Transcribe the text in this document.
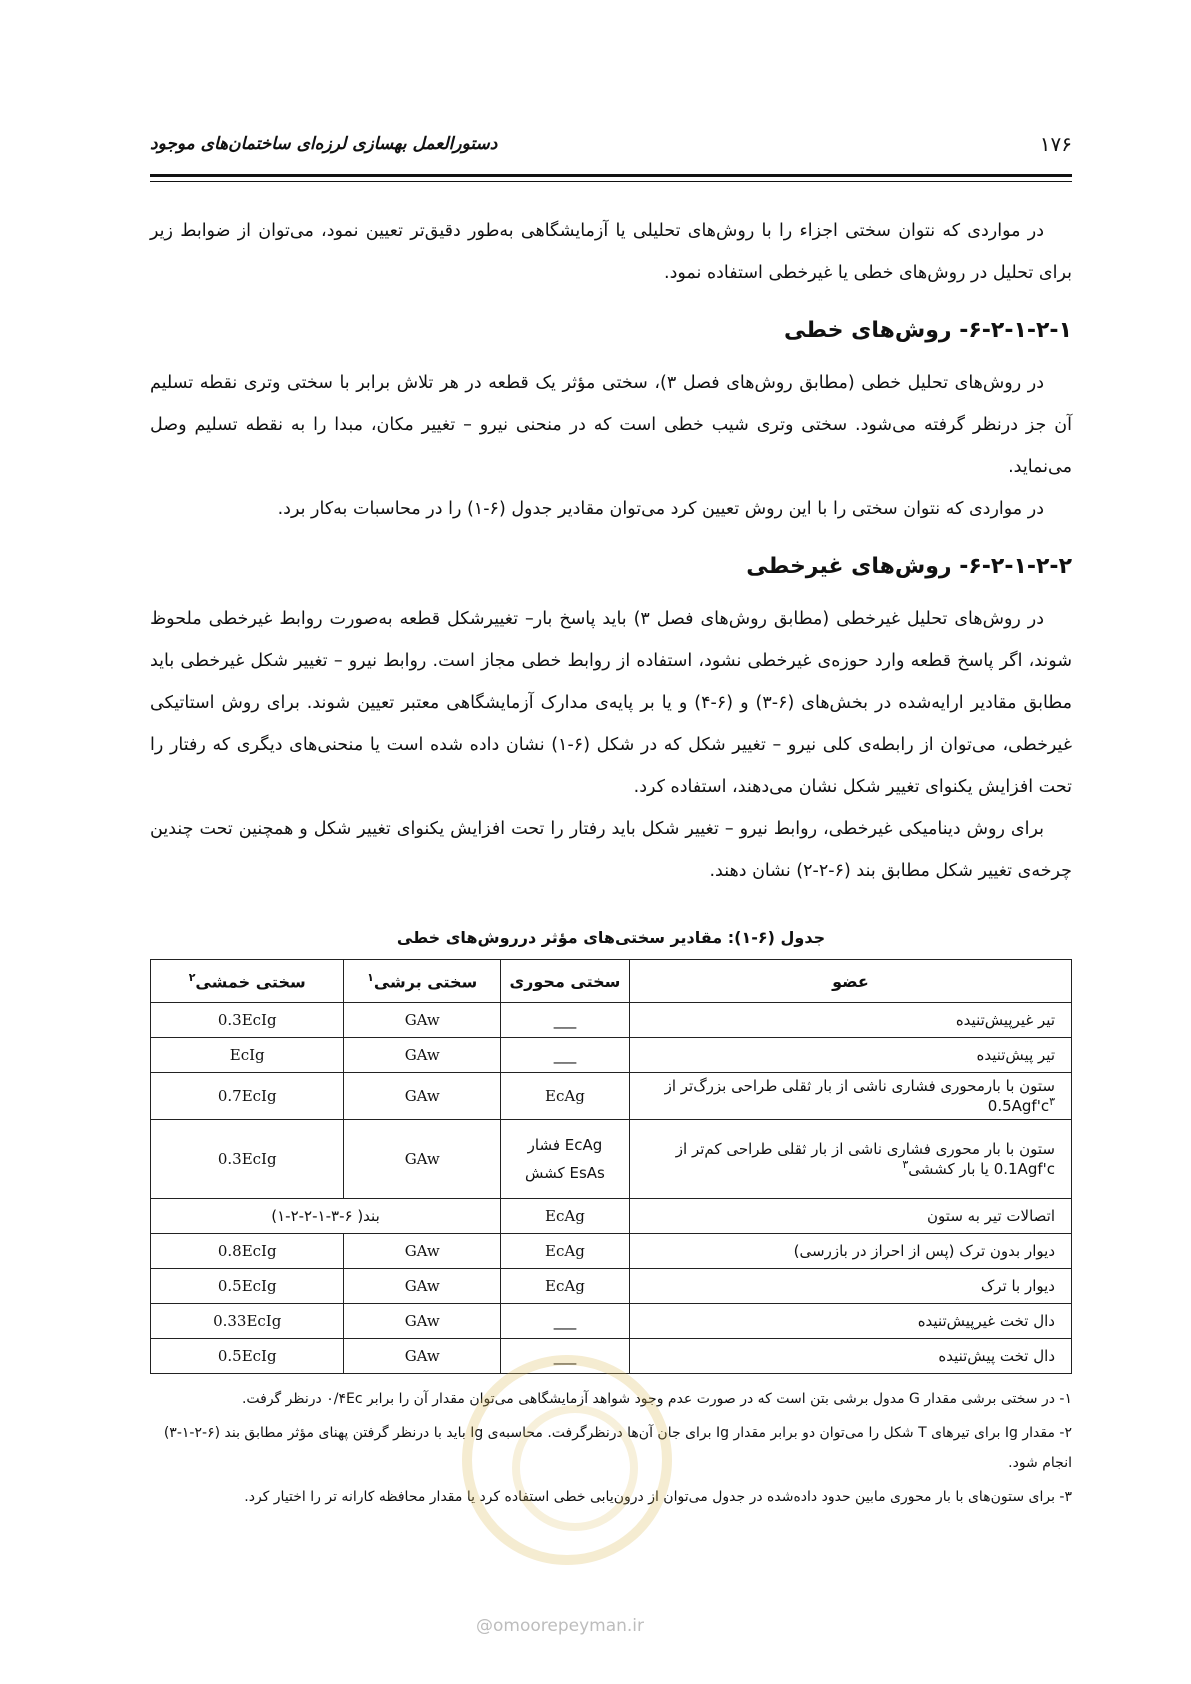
۱۷۶
دستورالعمل بهسازی لرزه‌ای ساختمان‌های موجود

در مواردی که نتوان سختی اجزاء را با روش‌های تحلیلی یا آزمایشگاهی به‌طور دقیق‌تر تعیین نمود، می‌توان از ضوابط زیر برای تحلیل در روش‌های خطی یا غیرخطی استفاده نمود.

۶-۲-۱-۲-۱- روش‌های خطی

در روش‌های تحلیل خطی (مطابق روش‌های فصل ۳)، سختی مؤثر یک قطعه در هر تلاش برابر با سختی وتری نقطه تسلیم آن جز درنظر گرفته می‌شود. سختی وتری شیب خطی است که در منحنی نیرو – تغییر مکان، مبدا را به نقطه تسلیم وصل می‌نماید.

در مواردی که نتوان سختی را با این روش تعیین کرد می‌توان مقادیر جدول (۶-۱) را در محاسبات به‌کار برد.

۶-۲-۱-۲-۲- روش‌های غیرخطی

در روش‌های تحلیل غیرخطی (مطابق روش‌های فصل ۳) باید پاسخ بار– تغییرشکل قطعه به‌صورت روابط غیرخطی ملحوظ شوند، اگر پاسخ قطعه وارد حوزه‌ی غیرخطی نشود، استفاده از روابط خطی مجاز است. روابط نیرو – تغییر شکل غیرخطی باید مطابق مقادیر ارایه‌شده در بخش‌های (۶-۳) و (۶-۴) و یا بر پایه‌ی مدارک آزمایشگاهی معتبر تعیین شوند. برای روش استاتیکی غیرخطی، می‌توان از رابطه‌ی کلی نیرو – تغییر شکل که در شکل (۶-۱) نشان داده شده است یا منحنی‌های دیگری که رفتار را تحت افزایش یکنوای تغییر شکل نشان می‌دهند، استفاده کرد.

برای روش دینامیکی غیرخطی، روابط نیرو – تغییر شکل باید رفتار را تحت افزایش یکنوای تغییر شکل و همچنین تحت چندین چرخه‌ی تغییر شکل مطابق بند (۶-۲-۲) نشان دهند.

جدول (۶-۱): مقادیر سختی‌های مؤثر درروش‌های خطی
عضو	سختی محوری	سختی برشی$^۱$	سختی خمشی$^۲$
تیر غیرپیش‌تنیده	___	GAw	0.3EcIg
تیر پیش‌تنیده	___	GAw	EcIg
ستون با بارمحوری فشاری ناشی از بار ثقلی طراحی بزرگ‌تر از $0.5Agf'c^۳$	EcAg	GAw	0.7EcIg
ستون با بار محوری فشاری ناشی از بار ثقلی طراحی کم‌تر از 0.1Agf'c یا بار کششی$^۳$	EcAg فشار
EsAs کشش	GAw	0.3EcIg
اتصالات تیر به ستون	EcAg	بند( ۶-۳-۱-۲-۲-۱)	
دیوار بدون ترک (پس از احراز در بازرسی)	EcAg	GAw	0.8EcIg
دیوار با ترک	EcAg	GAw	0.5EcIg
دال تخت غیرپیش‌تنیده	___	GAw	0.33EcIg
دال تخت پیش‌تنیده	___	GAw	0.5EcIg
۱- در سختی برشی مقدار G مدول برشی بتن است که در صورت عدم وجود شواهد آزمایشگاهی می‌توان مقدار آن را برابر ۰/۴Ec درنظر گرفت.
۲- مقدار Ig برای تیرهای T شکل را می‌توان دو برابر مقدار Ig برای جان آن‌ها درنظرگرفت. محاسبه‌ی Ig باید با درنظر گرفتن پهنای مؤثر مطابق بند (۶-۲-۱-۳) انجام شود.
۳- برای ستون‌های با بار محوری مابین حدود داده‌شده در جدول می‌توان از درون‌یابی خطی استفاده کرد یا مقدار محافظه کارانه تر را اختیار کرد.
@omoorepeyman.ir
